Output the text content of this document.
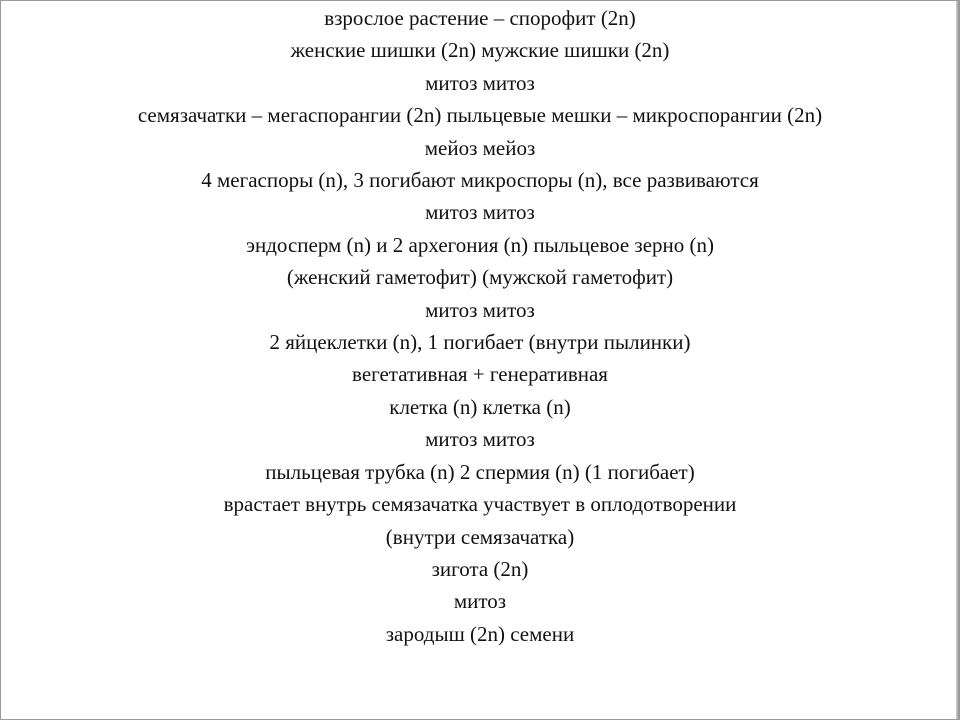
взрослое растение – спорофит (2n)
женские шишки (2n) мужские шишки (2n)
митоз митоз
семязачатки – мегаспорангии (2n) пыльцевые мешки – микроспорангии (2n)
мейоз мейоз
4 мегаспоры (n), 3 погибают микроспоры (n), все развиваются
митоз митоз
эндосперм (n) и 2 архегония (n) пыльцевое зерно (n)
(женский гаметофит) (мужской гаметофит)
митоз митоз
2 яйцеклетки (n), 1 погибает (внутри пылинки)
вегетативная + генеративная
клетка (n) клетка (n)
митоз митоз
пыльцевая трубка (n) 2 спермия (n) (1 погибает)
врастает внутрь семязачатка участвует в оплодотворении
(внутри семязачатка)
зигота (2n)
митоз
зародыш (2n) семени
